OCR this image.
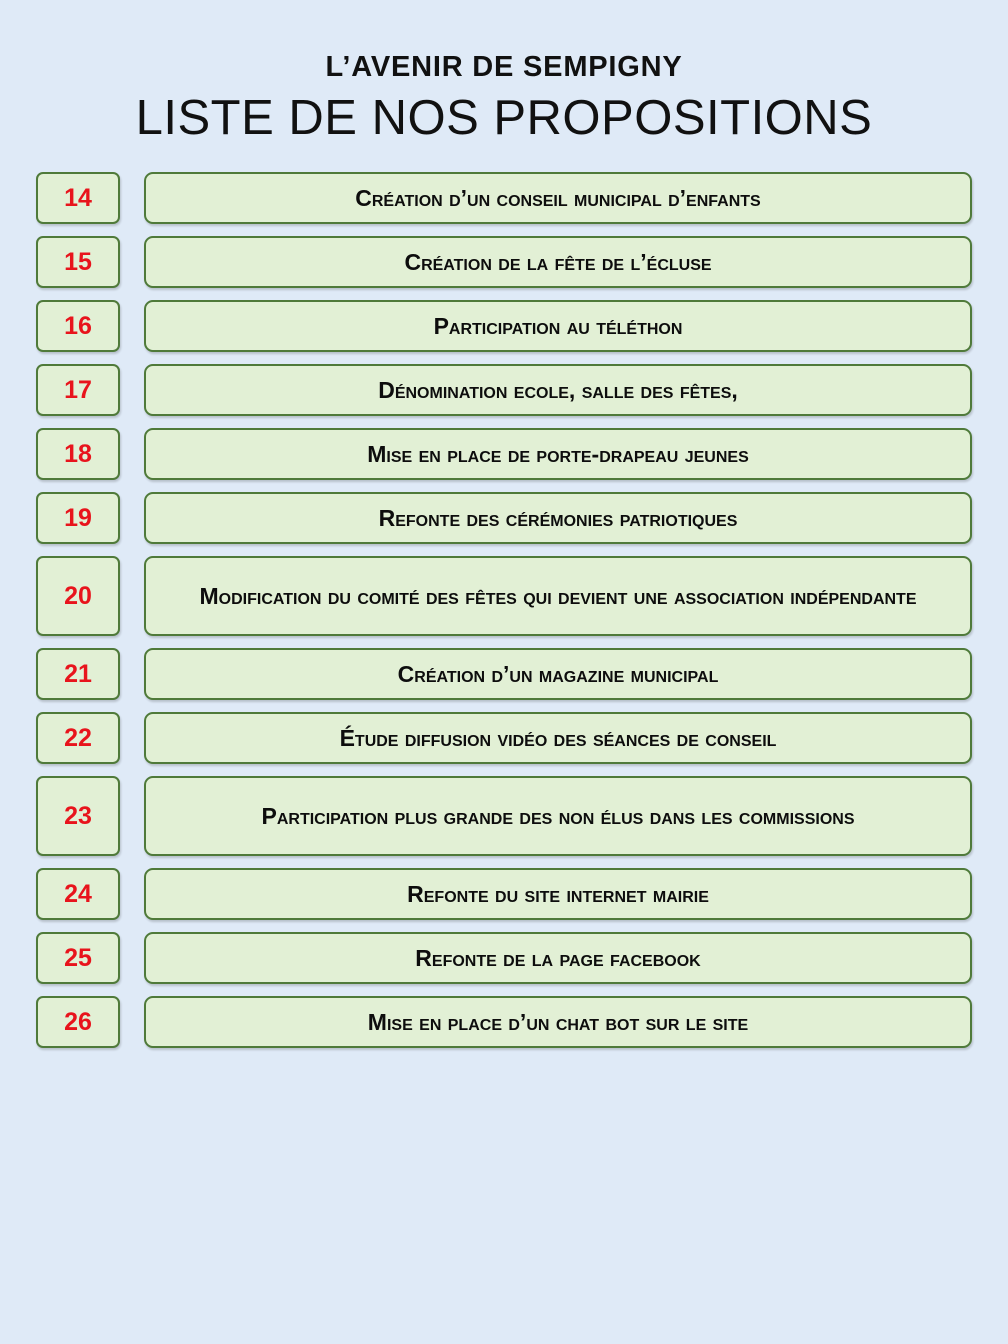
L’AVENIR DE SEMPIGNY
LISTE DE NOS PROPOSITIONS
14	création d’un conseil municipal d’enfants
15	création de la fête de l’écluse
16	participation au téléthon
17	dénomination ecole, salle des fêtes,
18	mise en place de porte-drapeau jeunes
19	refonte des cérémonies patriotiques
20	modification du comité des fêtes qui devient une association indépendante
21	création d’un magazine municipal
22	étude diffusion vidéo des séances de conseil
23	participation plus grande des non élus dans les commissions
24	refonte du site internet mairie
25	refonte de la page facebook
26	mise en place d’un chat bot sur le site
